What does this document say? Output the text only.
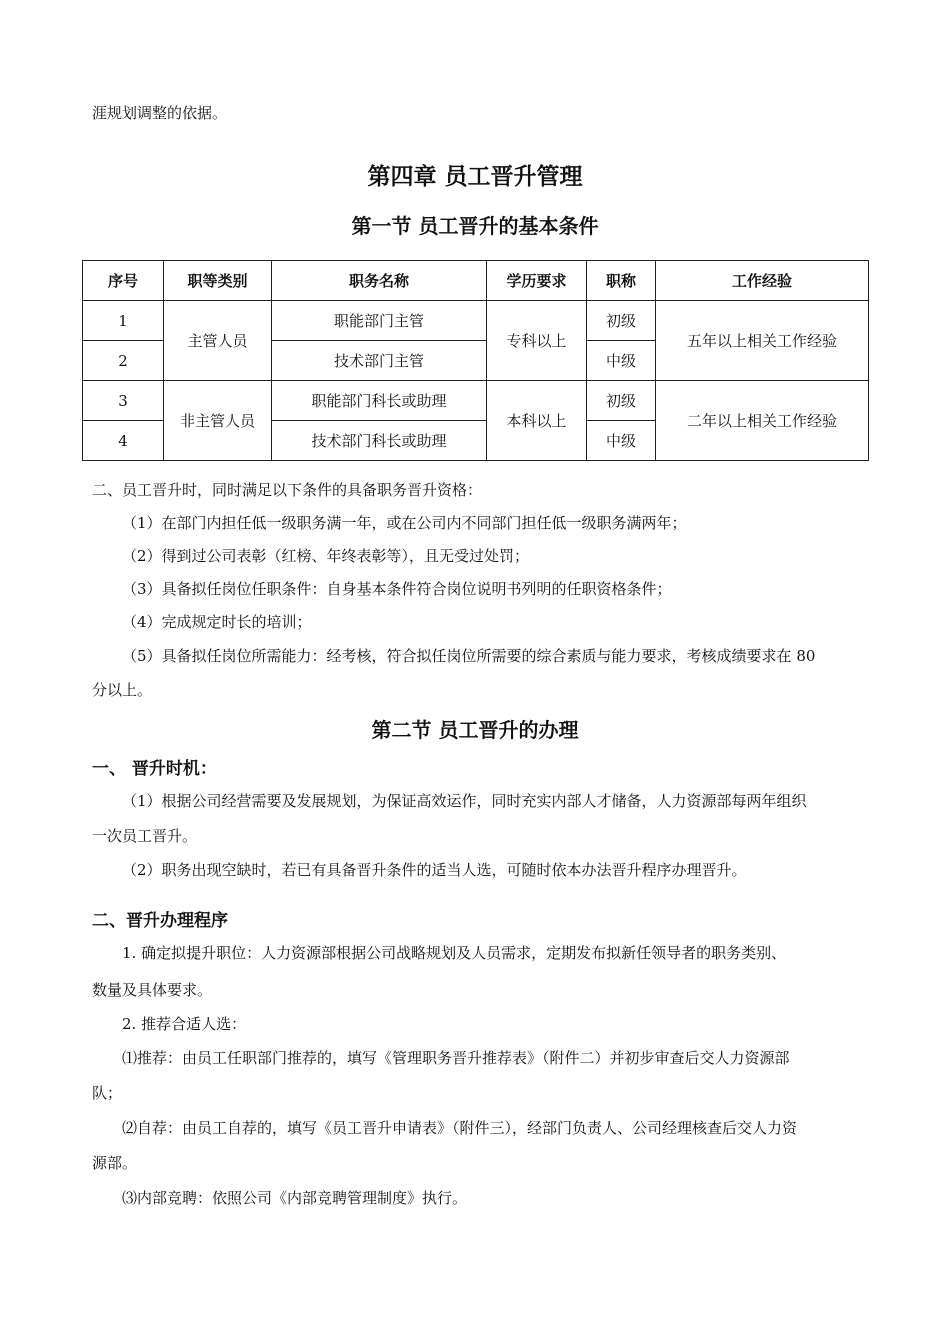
涯规划调整的依据。
第四章 员工晋升管理
第一节 员工晋升的基本条件
序号	职等类别	职务名称	学历要求	职称	工作经验
1	主管人员	职能部门主管	专科以上	初级	五年以上相关工作经验
2		技术部门主管		中级	
3	非主管人员	职能部门科长或助理	本科以上	初级	二年以上相关工作经验
4		技术部门科长或助理		中级	
二、员工晋升时，同时满足以下条件的具备职务晋升资格：
（1）在部门内担任低一级职务满一年，或在公司内不同部门担任低一级职务满两年；
（2）得到过公司表彰（红榜、年终表彰等），且无受过处罚；
（3）具备拟任岗位任职条件：自身基本条件符合岗位说明书列明的任职资格条件；
（4）完成规定时长的培训；
（5）具备拟任岗位所需能力：经考核，符合拟任岗位所需要的综合素质与能力要求，考核成绩要求在 80
分以上。
第二节 员工晋升的办理
一、 晋升时机：
（1）根据公司经营需要及发展规划，为保证高效运作，同时充实内部人才储备，人力资源部每两年组织
一次员工晋升。
（2）职务出现空缺时，若已有具备晋升条件的适当人选，可随时依本办法晋升程序办理晋升。
二、晋升办理程序
1. 确定拟提升职位：人力资源部根据公司战略规划及人员需求，定期发布拟新任领导者的职务类别、
数量及具体要求。
2. 推荐合适人选：
⑴推荐：由员工任职部门推荐的，填写《管理职务晋升推荐表》（附件二）并初步审查后交人力资源部
队；
⑵自荐：由员工自荐的，填写《员工晋升申请表》（附件三），经部门负责人、公司经理核查后交人力资
源部。
⑶内部竞聘：依照公司《内部竞聘管理制度》执行。
